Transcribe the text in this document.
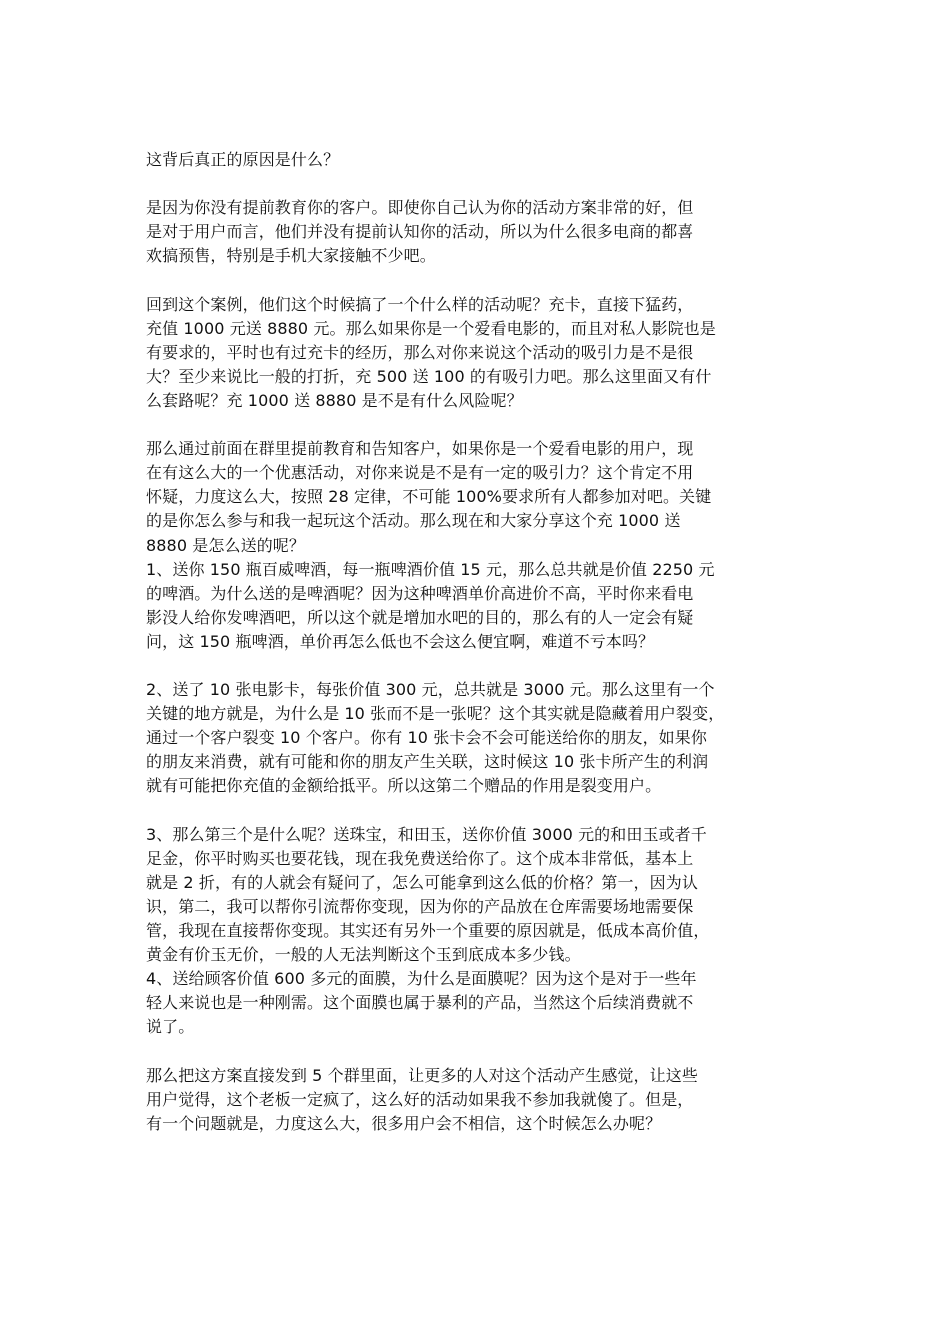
这背后真正的原因是什么？
是因为你没有提前教育你的客户。即使你自己认为你的活动方案非常的好，但
是对于用户而言，他们并没有提前认知你的活动，所以为什么很多电商的都喜
欢搞预售，特别是手机大家接触不少吧。
回到这个案例，他们这个时候搞了一个什么样的活动呢？充卡，直接下猛药，
充值 1000 元送 8880 元。那么如果你是一个爱看电影的，而且对私人影院也是
有要求的，平时也有过充卡的经历，那么对你来说这个活动的吸引力是不是很
大？至少来说比一般的打折，充 500 送 100 的有吸引力吧。那么这里面又有什
么套路呢？充 1000 送 8880 是不是有什么风险呢？
那么通过前面在群里提前教育和告知客户，如果你是一个爱看电影的用户，现
在有这么大的一个优惠活动，对你来说是不是有一定的吸引力？这个肯定不用
怀疑，力度这么大，按照 28 定律，不可能 100%要求所有人都参加对吧。关键
的是你怎么参与和我一起玩这个活动。那么现在和大家分享这个充 1000 送
8880 是怎么送的呢？
1、送你 150 瓶百威啤酒，每一瓶啤酒价值 15 元，那么总共就是价值 2250 元
的啤酒。为什么送的是啤酒呢？因为这种啤酒单价高进价不高，平时你来看电
影没人给你发啤酒吧，所以这个就是增加水吧的目的，那么有的人一定会有疑
问，这 150 瓶啤酒，单价再怎么低也不会这么便宜啊，难道不亏本吗？
2、送了 10 张电影卡，每张价值 300 元，总共就是 3000 元。那么这里有一个
关键的地方就是，为什么是 10 张而不是一张呢？这个其实就是隐藏着用户裂变，
通过一个客户裂变 10 个客户。你有 10 张卡会不会可能送给你的朋友，如果你
的朋友来消费，就有可能和你的朋友产生关联，这时候这 10 张卡所产生的利润
就有可能把你充值的金额给抵平。所以这第二个赠品的作用是裂变用户。
3、那么第三个是什么呢？送珠宝，和田玉，送你价值 3000 元的和田玉或者千
足金，你平时购买也要花钱，现在我免费送给你了。这个成本非常低，基本上
就是 2 折，有的人就会有疑问了，怎么可能拿到这么低的价格？第一，因为认
识，第二，我可以帮你引流帮你变现，因为你的产品放在仓库需要场地需要保
管，我现在直接帮你变现。其实还有另外一个重要的原因就是，低成本高价值，
黄金有价玉无价，一般的人无法判断这个玉到底成本多少钱。
4、送给顾客价值 600 多元的面膜，为什么是面膜呢？因为这个是对于一些年
轻人来说也是一种刚需。这个面膜也属于暴利的产品，当然这个后续消费就不
说了。
那么把这方案直接发到 5 个群里面，让更多的人对这个活动产生感觉，让这些
用户觉得，这个老板一定疯了，这么好的活动如果我不参加我就傻了。但是，
有一个问题就是，力度这么大，很多用户会不相信，这个时候怎么办呢？
